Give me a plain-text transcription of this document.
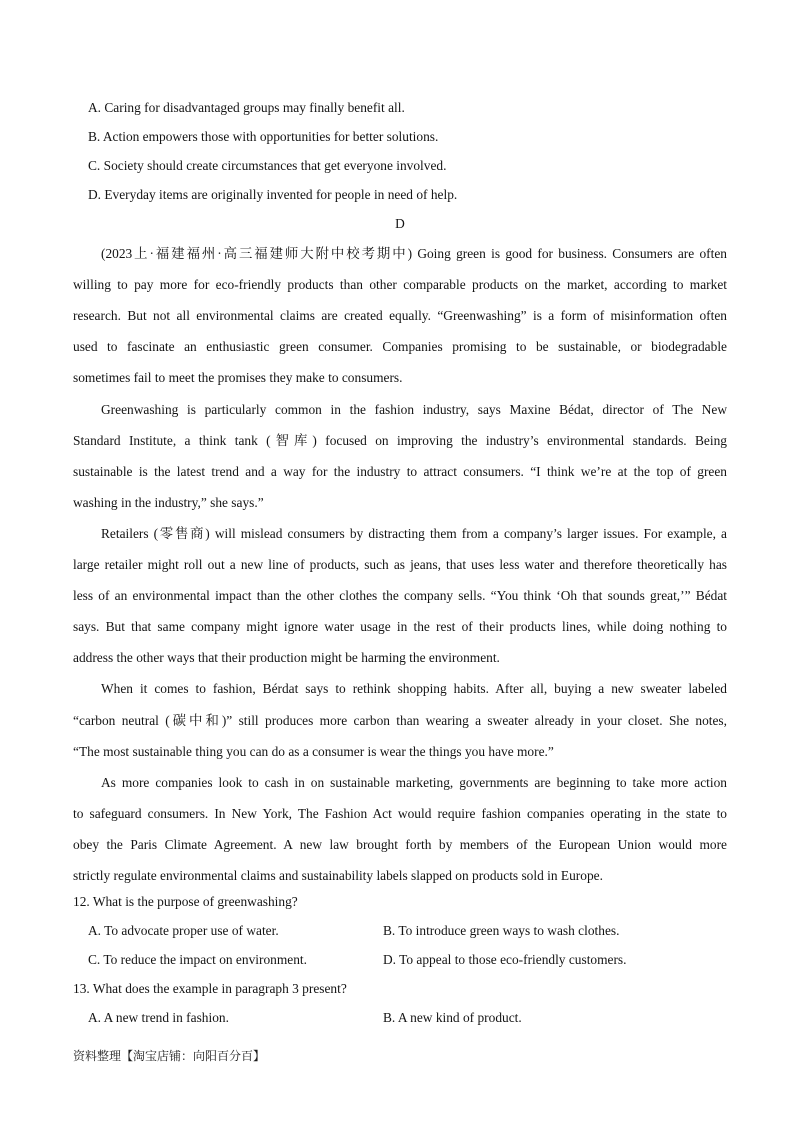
A. Caring for disadvantaged groups may finally benefit all.
B. Action empowers those with opportunities for better solutions.
C. Society should create circumstances that get everyone involved.
D. Everyday items are originally invented for people in need of help.
D
(2023上·福建福州·高三福建师大附中校考期中) Going green is good for business. Consumers are often
willing to pay more for eco-friendly products than other comparable products on the market, according to market
research. But not all environmental claims are created equally. “Greenwashing” is a form of misinformation often
used to fascinate an enthusiastic green consumer. Companies promising to be sustainable, or biodegradable
sometimes fail to meet the promises they make to consumers.
Greenwashing is particularly common in the fashion industry, says Maxine Bédat, director of The New
Standard Institute, a think tank (智库) focused on improving the industry’s environmental standards. Being
sustainable is the latest trend and a way for the industry to attract consumers. “I think we’re at the top of green
washing in the industry,” she says.”
Retailers (零售商) will mislead consumers by distracting them from a company’s larger issues. For example, a
large retailer might roll out a new line of products, such as jeans, that uses less water and therefore theoretically has
less of an environmental impact than the other clothes the company sells. “You think ‘Oh that sounds great,’” Bédat
says. But that same company might ignore water usage in the rest of their products lines, while doing nothing to
address the other ways that their production might be harming the environment.
When it comes to fashion, Bérdat says to rethink shopping habits. After all, buying a new sweater labeled
“carbon neutral (碳中和)” still produces more carbon than wearing a sweater already in your closet. She notes,
“The most sustainable thing you can do as a consumer is wear the things you have more.”
As more companies look to cash in on sustainable marketing, governments are beginning to take more action
to safeguard consumers. In New York, The Fashion Act would require fashion companies operating in the state to
obey the Paris Climate Agreement. A new law brought forth by members of the European Union would more
strictly regulate environmental claims and sustainability labels slapped on products sold in Europe.
12. What is the purpose of greenwashing?
A. To advocate proper use of water.	B. To introduce green ways to wash clothes.
C. To reduce the impact on environment.	D. To appeal to those eco-friendly customers.
13. What does the example in paragraph 3 present?
A. A new trend in fashion.	B. A new kind of product.
资料整理【淘宝店铺：向阳百分百】
